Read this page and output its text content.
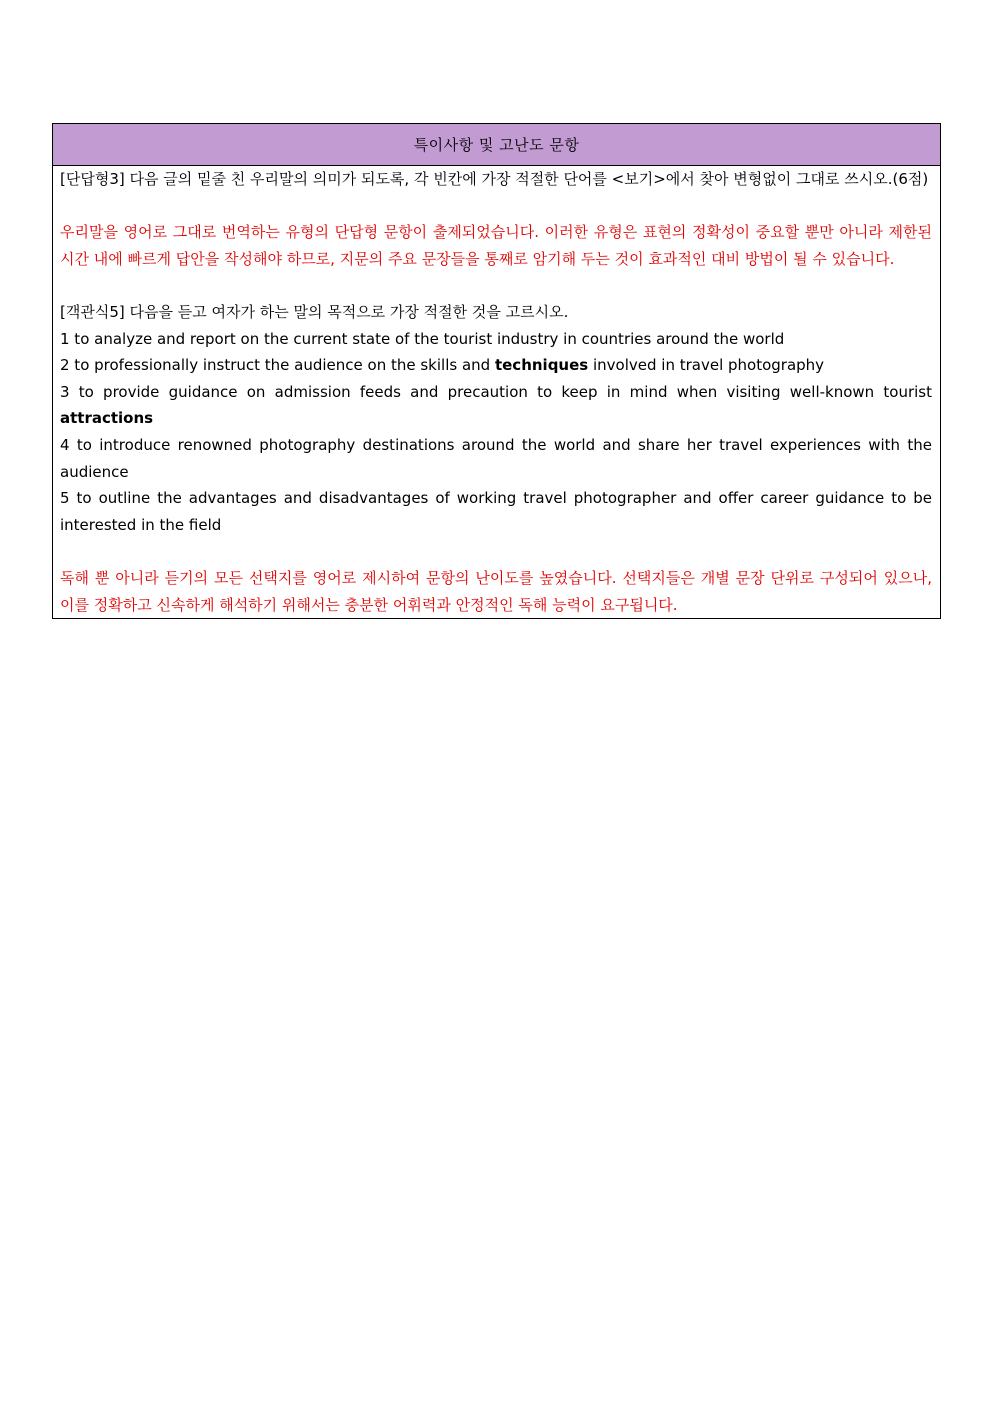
특이사항 및 고난도 문항

[단답형3] 다음 글의 밑줄 친 우리말의 의미가 되도록, 각 빈칸에 가장 적절한 단어를 <보기>에서 찾아 변형없이 그대로 쓰시오.(6점)

우리말을 영어로 그대로 번역하는 유형의 단답형 문항이 출제되었습니다. 이러한 유형은 표현의 정확성이 중요할 뿐만 아니라 제한된 시간 내에 빠르게 답안을 작성해야 하므로, 지문의 주요 문장들을 통째로 암기해 두는 것이 효과적인 대비 방법이 될 수 있습니다.

[객관식5] 다음을 듣고 여자가 하는 말의 목적으로 가장 적절한 것을 고르시오.

1 to analyze and report on the current state of the tourist industry in countries around the world

2 to professionally instruct the audience on the skills and techniques involved in travel photography

3 to provide guidance on admission feeds and precaution to keep in mind when visiting well-known tourist attractions

4 to introduce renowned photography destinations around the world and share her travel experiences with the audience

5 to outline the advantages and disadvantages of working travel photographer and offer career guidance to be interested in the field

독해 뿐 아니라 듣기의 모든 선택지를 영어로 제시하여 문항의 난이도를 높였습니다. 선택지들은 개별 문장 단위로 구성되어 있으나, 이를 정확하고 신속하게 해석하기 위해서는 충분한 어휘력과 안정적인 독해 능력이 요구됩니다.
